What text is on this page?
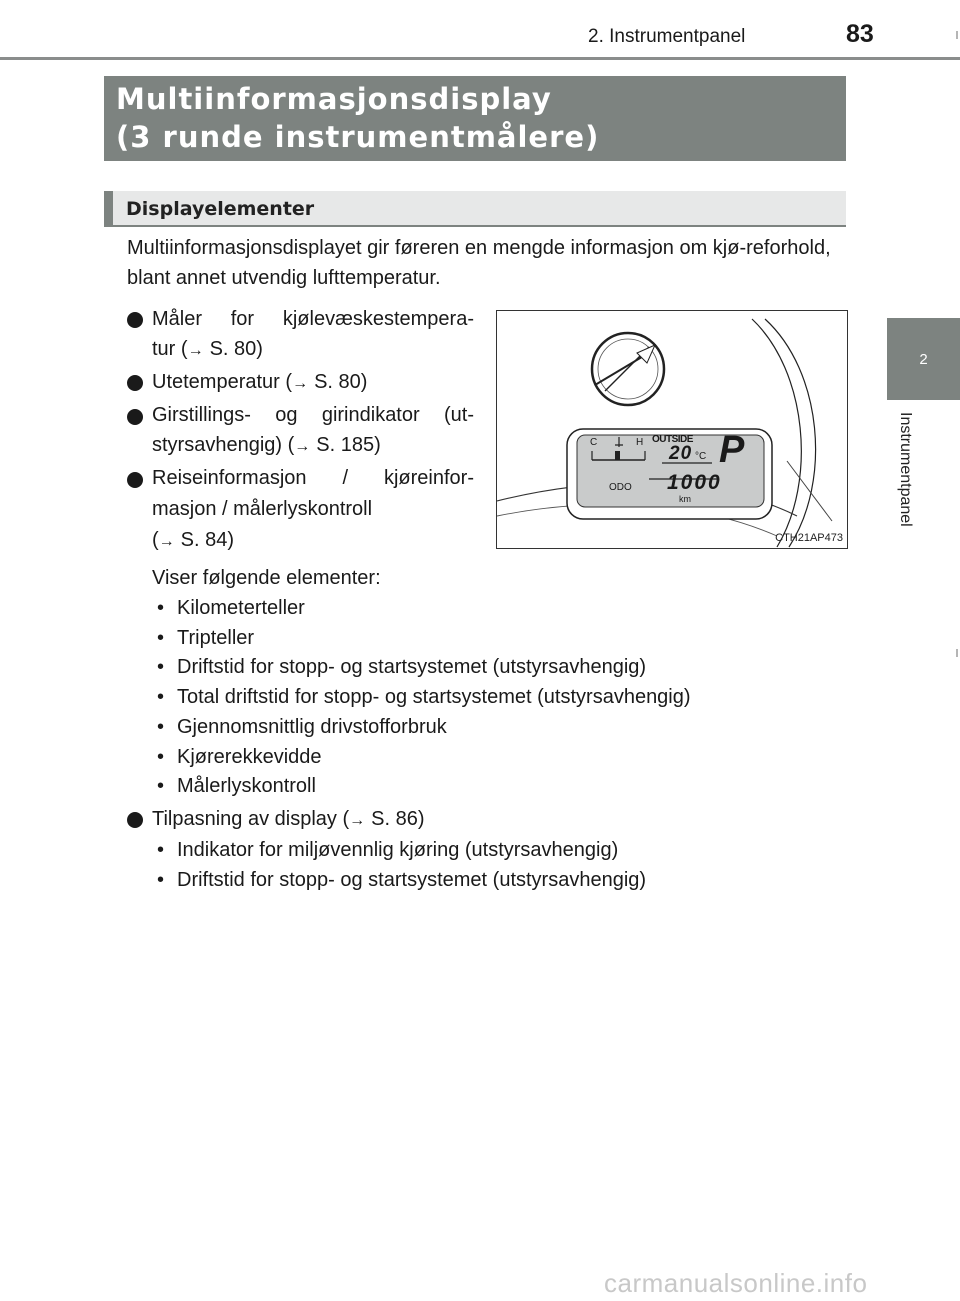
2. Instrumentpanel	83
2
Instrumentpanel
Multiinformasjonsdisplay
(3 runde instrumentmålere)
Displayelementer
Multiinformasjonsdisplayet gir føreren en mengde informasjon om kjø-reforhold, blant annet utvendig lufttemperatur.
Måler for kjølevæskestempera-
tur (→ S. 80)
Utetemperatur (→ S. 80)
Girstillings- og girindikator (ut-
styrsavhengig) (→ S. 185)
Reiseinformasjon / kjøreinfor-
masjon / målerlyskontroll
(→ S. 84)
C	H OUTSIDE
20 °C P
ODO 1000
km
CTH21AP473
Viser følgende elementer:
• Kilometerteller
• Tripteller
• Driftstid for stopp- og startsystemet (utstyrsavhengig)
• Total driftstid for stopp- og startsystemet (utstyrsavhengig)
• Gjennomsnittlig drivstofforbruk
• Kjørerekkevidde
• Målerlyskontroll
Tilpasning av display (→ S. 86)
• Indikator for miljøvennlig kjøring (utstyrsavhengig)
• Driftstid for stopp- og startsystemet (utstyrsavhengig)
carmanualsonline.info
